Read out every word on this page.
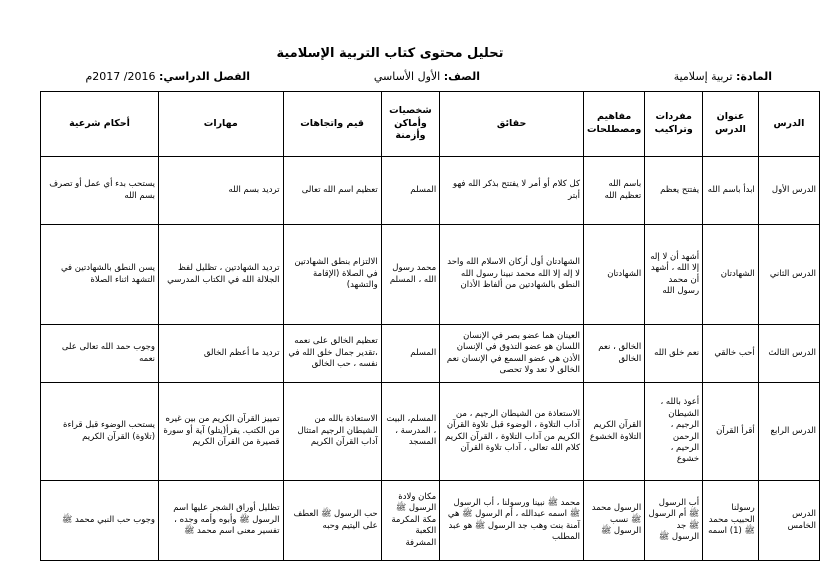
تحليل محتوى كتاب التربية الإسلامية
المادة: تربية إسلامية
الصف: الأول الأساسي
الفصل الدراسي: 2016/ 2017م
الدرس	عنوان الدرس	مفردات وتراكيب	مفاهيم ومصطلحات	حقائق	شخصيات وأماكن وأزمنة	قيم واتجاهات	مهارات	أحكام شرعية
الدرس الأول	ابدأ باسم الله	يفتتح يعظم	باسم الله تعظيم الله	كل كلام أو أمر لا يفتتح بذكر الله فهو أبتر	المسلم	تعظيم اسم الله تعالى	ترديد بسم الله	يستحب بدء أي عمل أو تصرف بسم الله
الدرس الثاني	الشهادتان	أشهد أن لا إله إلا الله ، أشهد أن محمد رسول الله	الشهادتان	الشهادتان أول أركان الاسلام الله واحد لا إله إلا الله محمد نبينا رسول الله النطق بالشهادتين من ألفاظ الأذان	محمد رسول الله ، المسلم	الالتزام بنطق الشهادتين في الصلاة (الإقامة والتشهد)	ترديد الشهادتين ، تظليل لفظ الجلالة الله في الكتاب المدرسي	يسن النطق بالشهادتين في التشهد اثناء الصلاة
الدرس الثالث	أحب خالقي	نعم خلق الله	الخالق ، نعم الخالق	العينان هما عضو بصر في الإنسان اللسان هو عضو التذوق في الإنسان الأذن هي عضو السمع في الإنسان نعم الخالق لا تعد ولا تحصى	المسلم	تعظيم الخالق على نعمه ،تقدير جمال خلق الله في نفسه ، حب الخالق	ترديد ما أعظم الخالق	وجوب حمد الله تعالى على نعمه
الدرس الرابع	أقرأ القرآن	أعوذ بالله ، الشيطان الرجيم ، الرحمن الرحيم ، خشوع	القرآن الكريم التلاوة الخشوع	الاستعاذة من الشيطان الرجيم ، من آداب التلاوة ، الوضوء قبل تلاوة القرآن الكريم من آداب التلاوة ، القرآن الكريم كلام الله تعالى ، آداب تلاوة القرآن	المسلم، البيت ، المدرسة ، المسجد	الاستعاذة بالله من الشيطان الرجيم امتثال آداب القرآن الكريم	تمييز القرآن الكريم من بين غيره من الكتب. يقرأ(يتلو) آية أو سورة قصيرة من القرآن الكريم	يستحب الوضوء قبل قراءة (تلاوة) القرآن الكريم
الدرس الخامس	رسولنا الحبيب محمد ﷺ (1) اسمه	أب الرسول ﷺ أم الرسول ﷺ جد الرسول ﷺ	الرسول محمد ﷺ نسب الرسول ﷺ	محمد ﷺ نبينا ورسولنا ، أب الرسول ﷺ اسمه عبدالله ، أم الرسول ﷺ هي آمنة بنت وهب جد الرسول ﷺ هو عبد المطلب	مكان ولادة الرسول ﷺ مكة المكرمة الكعبة المشرفة	حب الرسول ﷺ العطف على اليتيم وحبه	تظليل أوراق الشجر عليها اسم الرسول ﷺ وأبوه وأمه وجده ، تفسير معنى اسم محمد ﷺ	وجوب حب النبي محمد ﷺ
